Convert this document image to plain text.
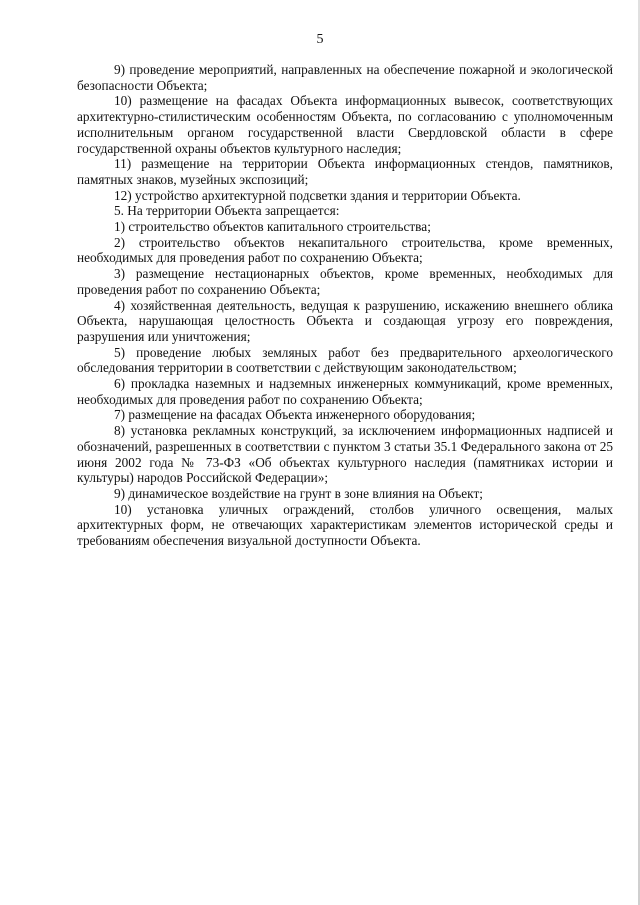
5

9) проведение мероприятий, направленных на обеспечение пожарной и экологической безопасности Объекта;

10) размещение на фасадах Объекта информационных вывесок, соответствующих архитектурно-стилистическим особенностям Объекта, по согласованию с уполномоченным исполнительным органом государственной власти Свердловской области в сфере государственной охраны объектов культурного наследия;

11) размещение на территории Объекта информационных стендов, памятников, памятных знаков, музейных экспозиций;

12) устройство архитектурной подсветки здания и территории Объекта.

5. На территории Объекта запрещается:

1) строительство объектов капитального строительства;

2) строительство объектов некапитального строительства, кроме временных, необходимых для проведения работ по сохранению Объекта;

3) размещение нестационарных объектов, кроме временных, необходимых для проведения работ по сохранению Объекта;

4) хозяйственная деятельность, ведущая к разрушению, искажению внешнего облика Объекта, нарушающая целостность Объекта и создающая угрозу его повреждения, разрушения или уничтожения;

5) проведение любых земляных работ без предварительного археологического обследования территории в соответствии с действующим законодательством;

6) прокладка наземных и надземных инженерных коммуникаций, кроме временных, необходимых для проведения работ по сохранению Объекта;

7) размещение на фасадах Объекта инженерного оборудования;

8) установка рекламных конструкций, за исключением информационных надписей и обозначений, разрешенных в соответствии с пунктом 3 статьи 35.1 Федерального закона от 25 июня 2002 года № 73-ФЗ «Об объектах культурного наследия (памятниках истории и культуры) народов Российской Федерации»;

9) динамическое воздействие на грунт в зоне влияния на Объект;

10) установка уличных ограждений, столбов уличного освещения, малых архитектурных форм, не отвечающих характеристикам элементов исторической среды и требованиям обеспечения визуальной доступности Объекта.
